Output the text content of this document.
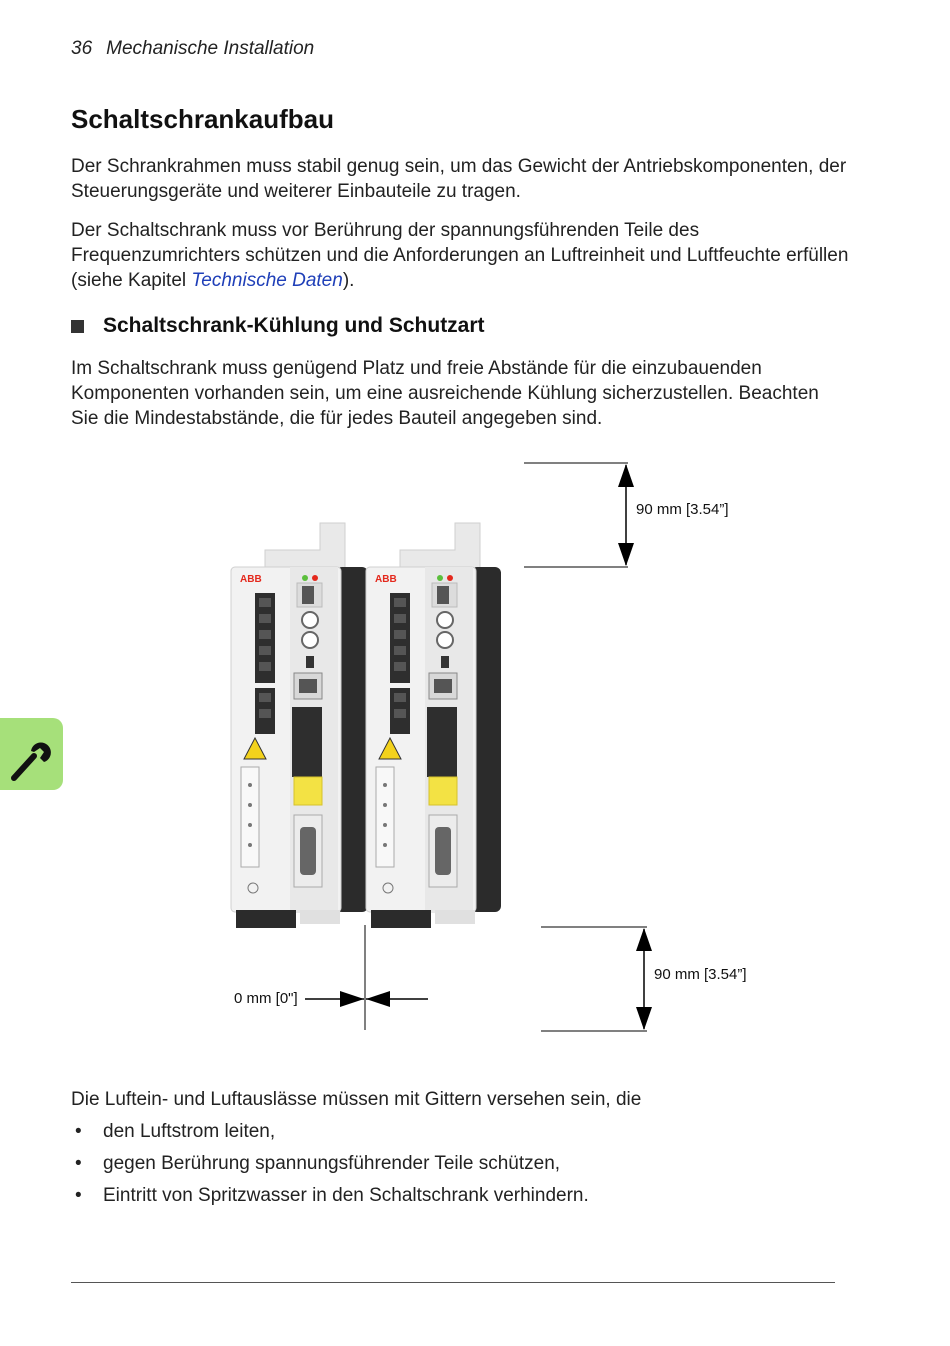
36 Mechanische Installation
Schaltschrankaufbau

Der Schrankrahmen muss stabil genug sein, um das Gewicht der Antriebskomponenten, der Steuerungsgeräte und weiterer Einbauteile zu tragen.

Der Schaltschrank muss vor Berührung der spannungsführenden Teile des Frequenzumrichters schützen und die Anforderungen an Luftreinheit und Luftfeuchte erfüllen (siehe Kapitel Technische Daten).

Schaltschrank-Kühlung und Schutzart

Im Schaltschrank muss genügend Platz und freie Abstände für die einzubauenden Komponenten vorhanden sein, um eine ausreichende Kühlung sicherzustellen. Beachten Sie die Mindestabstände, die für jedes Bauteil angegeben sind.

ABB	ABB
90 mm [3.54”]
90 mm [3.54”]
0 mm [0"]

Die Luftein- und Luftauslässe müssen mit Gittern versehen sein, die

• den Luftstrom leiten,
• gegen Berührung spannungsführender Teile schützen,
• Eintritt von Spritzwasser in den Schaltschrank verhindern.
